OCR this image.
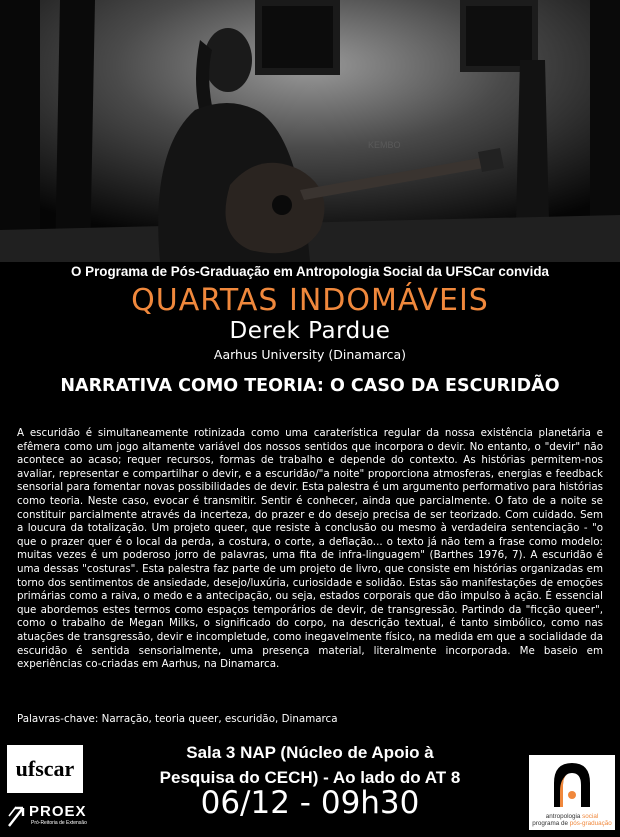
KEMBO
O Programa de Pós-Graduação em Antropologia Social da UFSCar convida
QUARTAS INDOMÁVEIS
Derek Pardue
Aarhus University (Dinamarca)
NARRATIVA COMO TEORIA: O CASO DA ESCURIDÃO
A escuridão é simultaneamente rotinizada como uma caraterística regular da nossa existência planetária e efêmera como um jogo altamente variável dos nossos sentidos que incorpora o devir. No entanto, o "devir" não acontece ao acaso; requer recursos, formas de trabalho e depende do contexto. As histórias permitem-nos avaliar, representar e compartilhar o devir, e a escuridão/"a noite" proporciona atmosferas, energias e feedback sensorial para fomentar novas possibilidades de devir. Esta palestra é um argumento performativo para histórias como teoria. Neste caso, evocar é transmitir. Sentir é conhecer, ainda que parcialmente. O fato de a noite se constituir parcialmente através da incerteza, do prazer e do desejo precisa de ser teorizado. Com cuidado. Sem a loucura da totalização. Um projeto queer, que resiste à conclusão ou mesmo à verdadeira sentenciação - "o que o prazer quer é o local da perda, a costura, o corte, a deflação... o texto já não tem a frase como modelo: muitas vezes é um poderoso jorro de palavras, uma fita de infra-linguagem" (Barthes 1976, 7). A escuridão é uma dessas "costuras". Esta palestra faz parte de um projeto de livro, que consiste em histórias organizadas em torno dos sentimentos de ansiedade, desejo/luxúria, curiosidade e solidão. Estas são manifestações de emoções primárias como a raiva, o medo e a antecipação, ou seja, estados corporais que dão impulso à ação. É essencial que abordemos estes termos como espaços temporários de devir, de transgressão. Partindo da "ficção queer", como o trabalho de Megan Milks, o significado do corpo, na descrição textual, é tanto simbólico, como nas atuações de transgressão, devir e incompletude, como inegavelmente físico, na medida em que a socialidade da escuridão é sentida sensorialmente, uma presença material, literalmente incorporada. Me baseio em experiências co-criadas em Aarhus, na Dinamarca.
Palavras-chave: Narração, teoria queer, escuridão, Dinamarca
Sala 3 NAP (Núcleo de Apoio à
Pesquisa do CECH) - Ao lado do AT 8
06/12 - 09h30
ufscar
PROEX
Pró-Reitoria de Extensão
antropologia social
programa de pós-graduação
